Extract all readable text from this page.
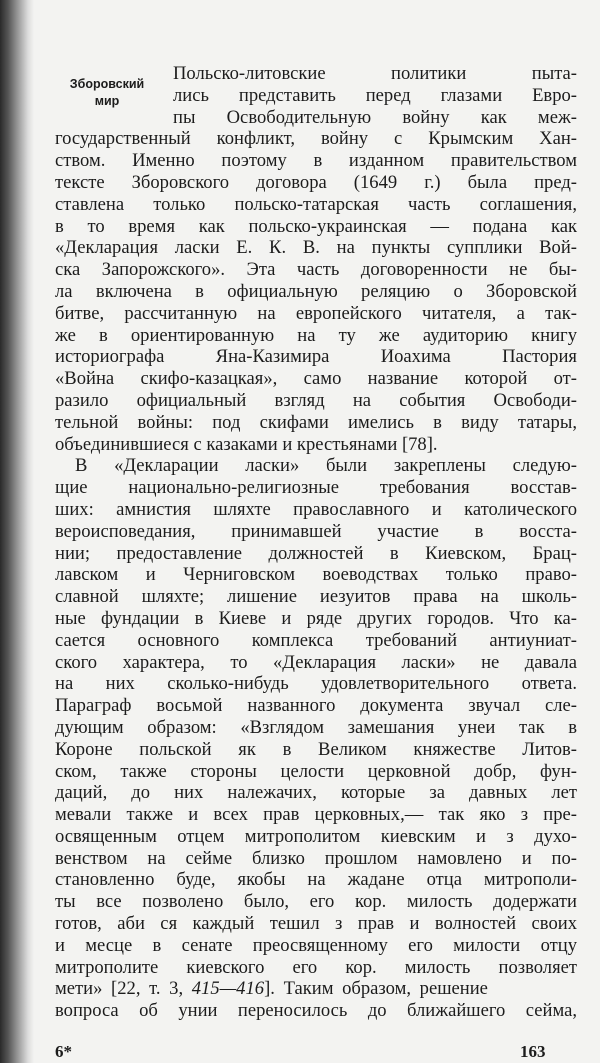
Зборовский
мир
Польско-литовские политики пыта-
лись представить перед глазами Евро-
пы Освободительную войну как меж-
государственный конфликт, войну с Крымским Хан-
ством. Именно поэтому в изданном правительством
тексте Зборовского договора (1649 г.) была пред-
ставлена только польско-татарская часть соглашения,
в то время как польско-украинская — подана как
«Декларация ласки Е. К. В. на пункты супплики Вой-
ска Запорожского». Эта часть договоренности не бы-
ла включена в официальную реляцию о Зборовской
битве, рассчитанную на европейского читателя, а так-
же в ориентированную на ту же аудиторию книгу
историографа Яна-Казимира Иоахима Пастория
«Война скифо-казацкая», само название которой от-
разило официальный взгляд на события Освободи-
тельной войны: под скифами имелись в виду татары,
объединившиеся с казаками и крестьянами [78].
В «Декларации ласки» были закреплены следую-
щие национально-религиозные требования восстав-
ших: амнистия шляхте православного и католического
вероисповедания, принимавшей участие в восста-
нии; предоставление должностей в Киевском, Брац-
лавском и Черниговском воеводствах только право-
славной шляхте; лишение иезуитов права на школь-
ные фундации в Киеве и ряде других городов. Что ка-
сается основного комплекса требований антиуниат-
ского характера, то «Декларация ласки» не давала
на них сколько-нибудь удовлетворительного ответа.
Параграф восьмой названного документа звучал сле-
дующим образом: «Взглядом замешания унеи так в
Короне польской як в Великом княжестве Литов-
ском, также стороны целости церковной добр, фун-
даций, до них належачих, которые за давных лет
мевали также и всех прав церковных,— так яко з пре-
освященным отцем митрополитом киевским и з духо-
венством на сейме близко прошлом намовлено и по-
становленно буде, якобы на жадане отца митрополи-
ты все позволено было, его кор. милость додержати
готов, аби ся каждый тешил з прав и волностей своих
и месце в сенате преосвященному его милости отцу
митрополите киевского его кор. милость позволяет
мети» [22, т. 3, 415—416]. Таким образом, решение
вопроса об унии переносилось до ближайшего сейма,
6*	163
